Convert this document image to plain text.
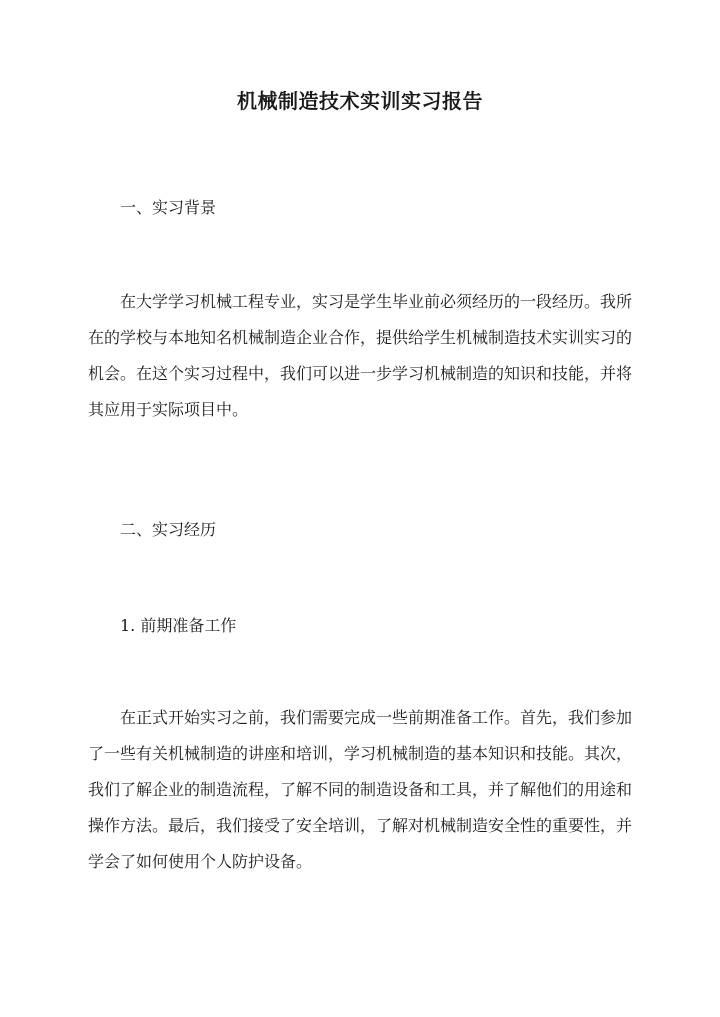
机械制造技术实训实习报告

一、实习背景

在大学学习机械工程专业，实习是学生毕业前必须经历的一段经历。我所在的学校与本地知名机械制造企业合作，提供给学生机械制造技术实训实习的机会。在这个实习过程中，我们可以进一步学习机械制造的知识和技能，并将其应用于实际项目中。

二、实习经历

1. 前期准备工作

在正式开始实习之前，我们需要完成一些前期准备工作。首先，我们参加了一些有关机械制造的讲座和培训，学习机械制造的基本知识和技能。其次，我们了解企业的制造流程，了解不同的制造设备和工具，并了解他们的用途和操作方法。最后，我们接受了安全培训，了解对机械制造安全性的重要性，并学会了如何使用个人防护设备。
